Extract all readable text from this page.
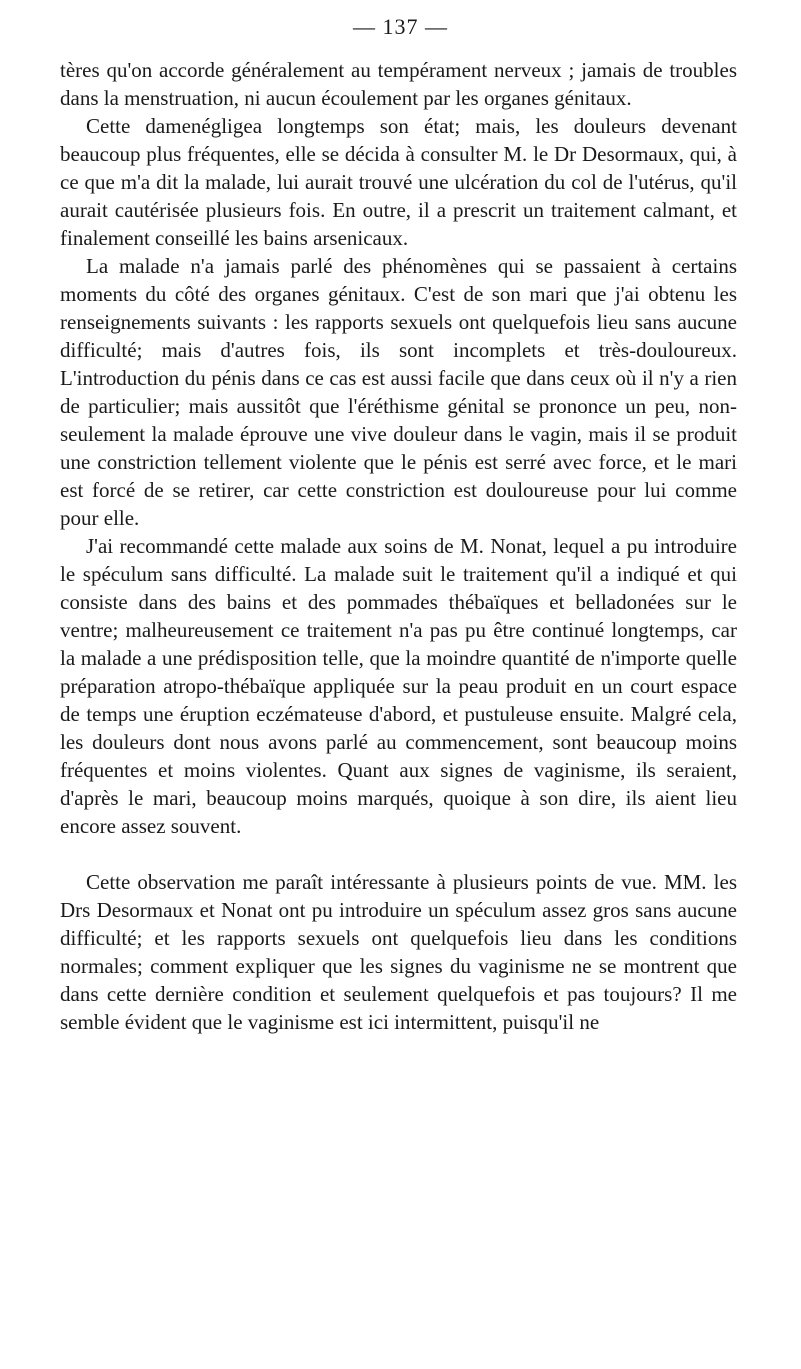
— 137 —

tères qu'on accorde généralement au tempérament nerveux ; jamais de troubles dans la menstruation, ni aucun écoulement par les organes génitaux.

Cette damenégligea longtemps son état; mais, les douleurs devenant beaucoup plus fréquentes, elle se décida à consulter M. le Dr Desormaux, qui, à ce que m'a dit la malade, lui aurait trouvé une ulcération du col de l'utérus, qu'il aurait cautérisée plusieurs fois. En outre, il a prescrit un traitement calmant, et finalement conseillé les bains arsenicaux.

La malade n'a jamais parlé des phénomènes qui se passaient à certains moments du côté des organes génitaux. C'est de son mari que j'ai obtenu les renseignements suivants : les rapports sexuels ont quelquefois lieu sans aucune difficulté; mais d'autres fois, ils sont incomplets et très-douloureux. L'introduction du pénis dans ce cas est aussi facile que dans ceux où il n'y a rien de particulier; mais aussitôt que l'éréthisme génital se prononce un peu, non-seulement la malade éprouve une vive douleur dans le vagin, mais il se produit une constriction tellement violente que le pénis est serré avec force, et le mari est forcé de se retirer, car cette constriction est douloureuse pour lui comme pour elle.

J'ai recommandé cette malade aux soins de M. Nonat, lequel a pu introduire le spéculum sans difficulté. La malade suit le traitement qu'il a indiqué et qui consiste dans des bains et des pommades thébaïques et belladonées sur le ventre; malheureusement ce traitement n'a pas pu être continué longtemps, car la malade a une prédisposition telle, que la moindre quantité de n'importe quelle préparation atropo-thébaïque appliquée sur la peau produit en un court espace de temps une éruption eczémateuse d'abord, et pustuleuse ensuite. Malgré cela, les douleurs dont nous avons parlé au commencement, sont beaucoup moins fréquentes et moins violentes. Quant aux signes de vaginisme, ils seraient, d'après le mari, beaucoup moins marqués, quoique à son dire, ils aient lieu encore assez souvent.

Cette observation me paraît intéressante à plusieurs points de vue. MM. les Drs Desormaux et Nonat ont pu introduire un spéculum assez gros sans aucune difficulté; et les rapports sexuels ont quelquefois lieu dans les conditions normales; comment expliquer que les signes du vaginisme ne se montrent que dans cette dernière condition et seulement quelquefois et pas toujours? Il me semble évident que le vaginisme est ici intermittent, puisqu'il ne
